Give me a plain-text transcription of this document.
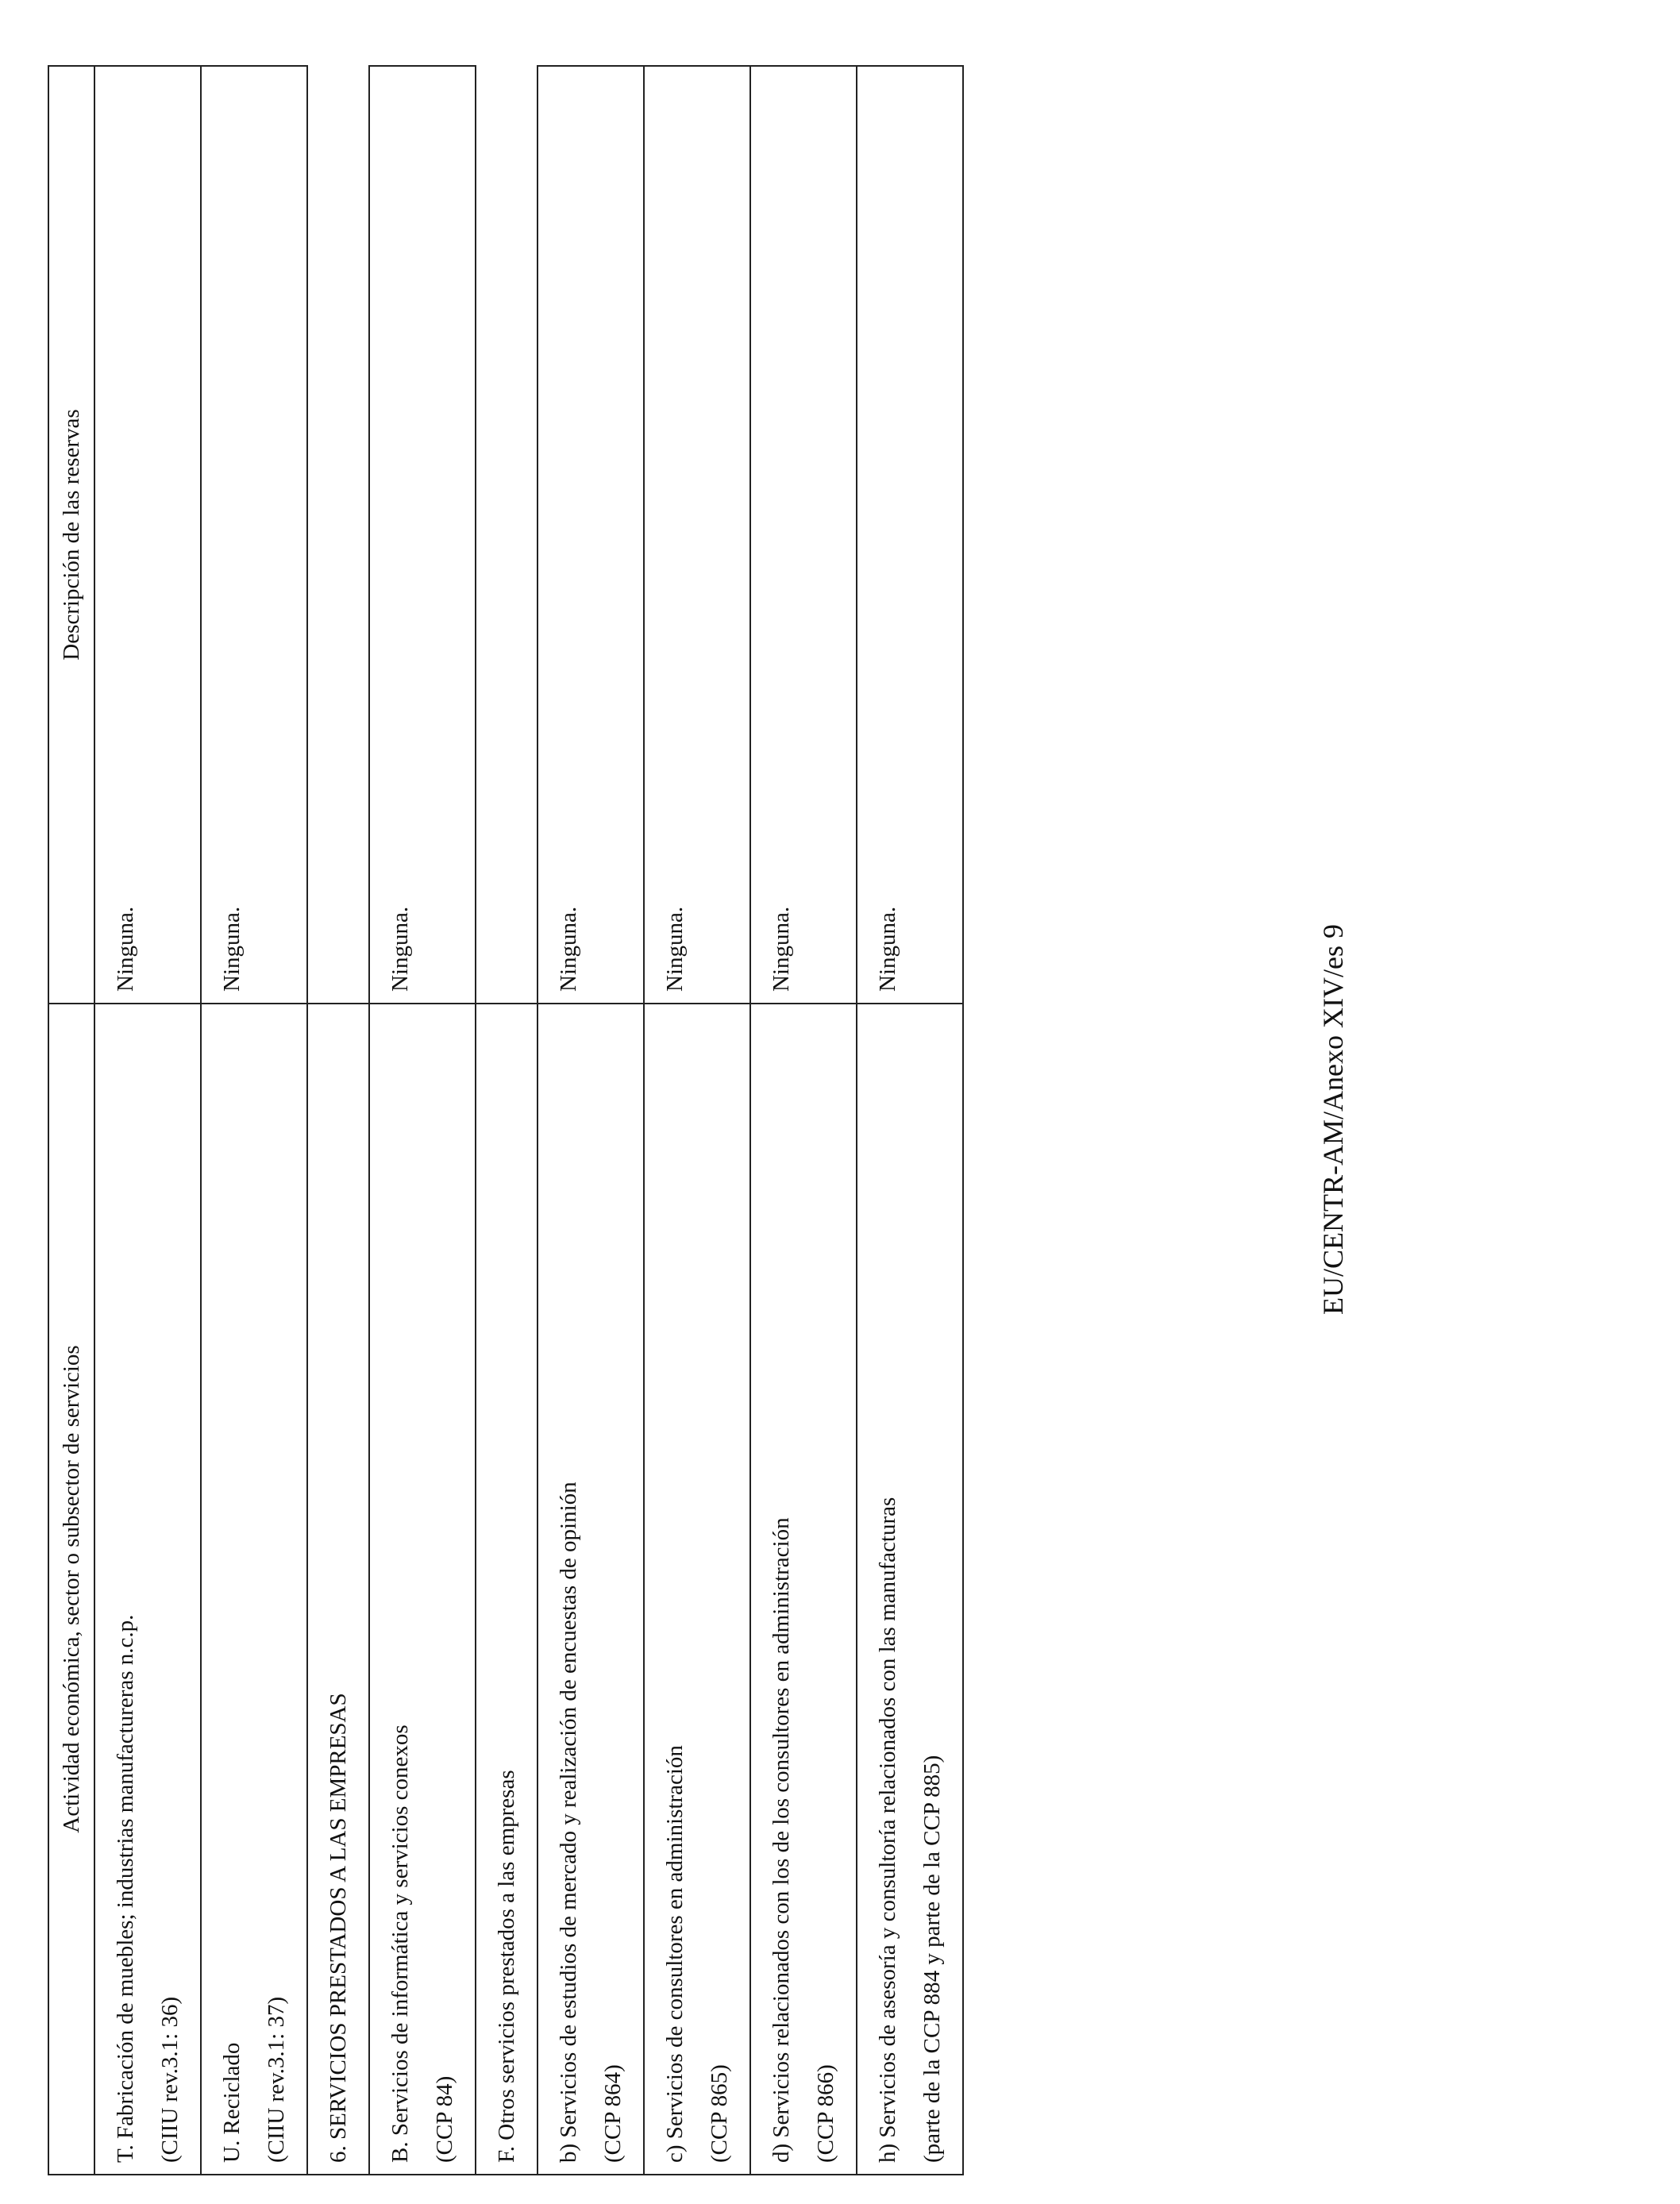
Actividad económica, sector o subsector de servicios	Descripción de las reservas

T. Fabricación de muebles; industrias manufactureras n.c.p. (CIIU rev.3.1: 36)	Ninguna.

U. Reciclado (CIIU rev.3.1: 37)	Ninguna.
6. SERVICIOS PRESTADOS A LAS EMPRESAS	

B. Servicios de informática y servicios conexos (CCP 84)	Ninguna.
F. Otros servicios prestados a las empresas	

b) Servicios de estudios de mercado y realización de encuestas de opinión (CCP 864)	Ninguna.

c) Servicios de consultores en administración (CCP 865)	Ninguna.

d) Servicios relacionados con los de los consultores en administración (CCP 866)	Ninguna.

h) Servicios de asesoría y consultoría relacionados con las manufacturas (parte de la CCP 884 y parte de la CCP 885)	Ninguna.	EU/CENTR-AM/Anexo XIV/es 9
